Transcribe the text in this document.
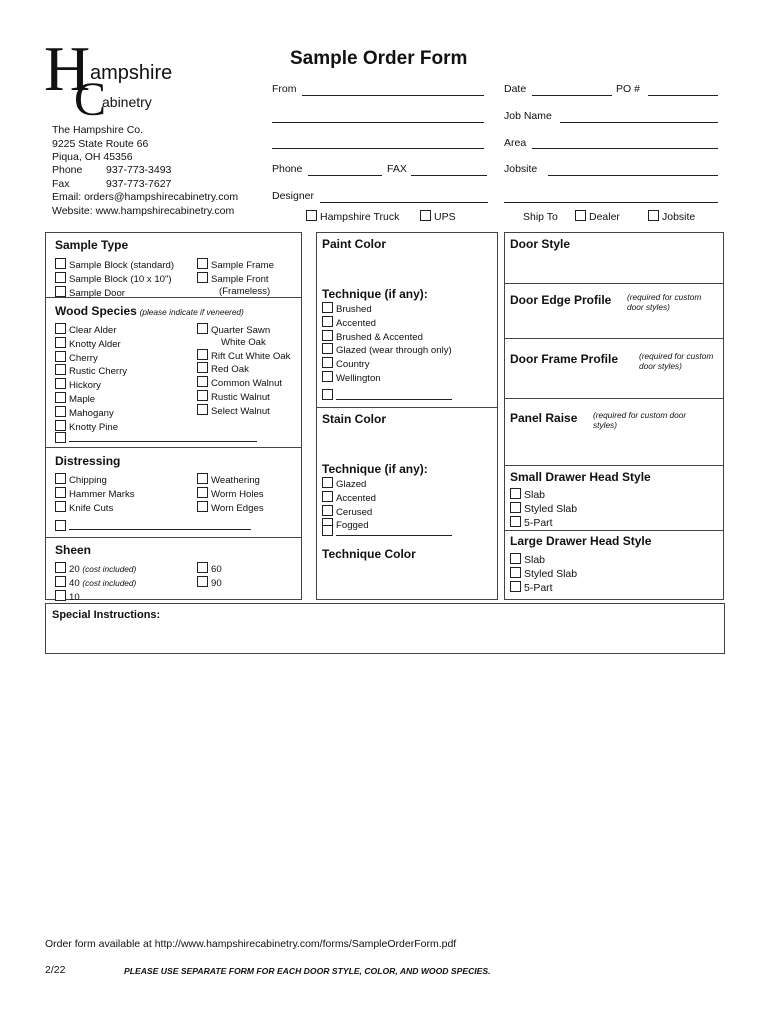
H ampshire
C
abinetry
The Hampshire Co.
9225 State Route 66
Piqua, OH 45356
Phone 937-773-3493
Fax	937-773-7627
Email: orders@hampshirecabinetry.com
Website: www.hampshirecabinetry.com
Sample Order Form
From	Date	PO #
Job Name
Area
Phone	FAX	Jobsite
Designer
Hampshire Truck	UPS	Ship To	Dealer	Jobsite
Sample Type
Sample Block (standard)
Sample Block (10 x 10")
Sample Door
Sample Frame
Sample Front
(Frameless)
Wood Species (please indicate if veneered)
Clear Alder
Knotty Alder
Cherry
Rustic Cherry
Hickory
Maple
Mahogany
Knotty Pine
Quarter Sawn
White Oak
Rift Cut White Oak
Red Oak
Common Walnut
Rustic Walnut
Select Walnut
Distressing
Chipping
Hammer Marks
Knife Cuts
Weathering
Worm Holes
Worn Edges
Sheen
20 (cost included)
40 (cost included)
10
60
90
Paint Color
Technique (if any):
Brushed
Accented
Brushed & Accented
Glazed (wear through only)
Country
Wellington
Stain Color
Technique (if any):
Glazed
Accented
Cerused
Fogged
Technique Color
Door Style
Door Edge Profile (required for custom door styles)
Door Frame Profile	(required for custom door styles)
Panel Raise (required for custom door styles)
Small Drawer Head Style
Slab
Styled Slab
5-Part
Large Drawer Head Style
Slab
Styled Slab
5-Part
Special Instructions:
Order form available at http://www.hampshirecabinetry.com/forms/SampleOrderForm.pdf
2/22	PLEASE USE SEPARATE FORM FOR EACH DOOR STYLE, COLOR, AND WOOD SPECIES.
